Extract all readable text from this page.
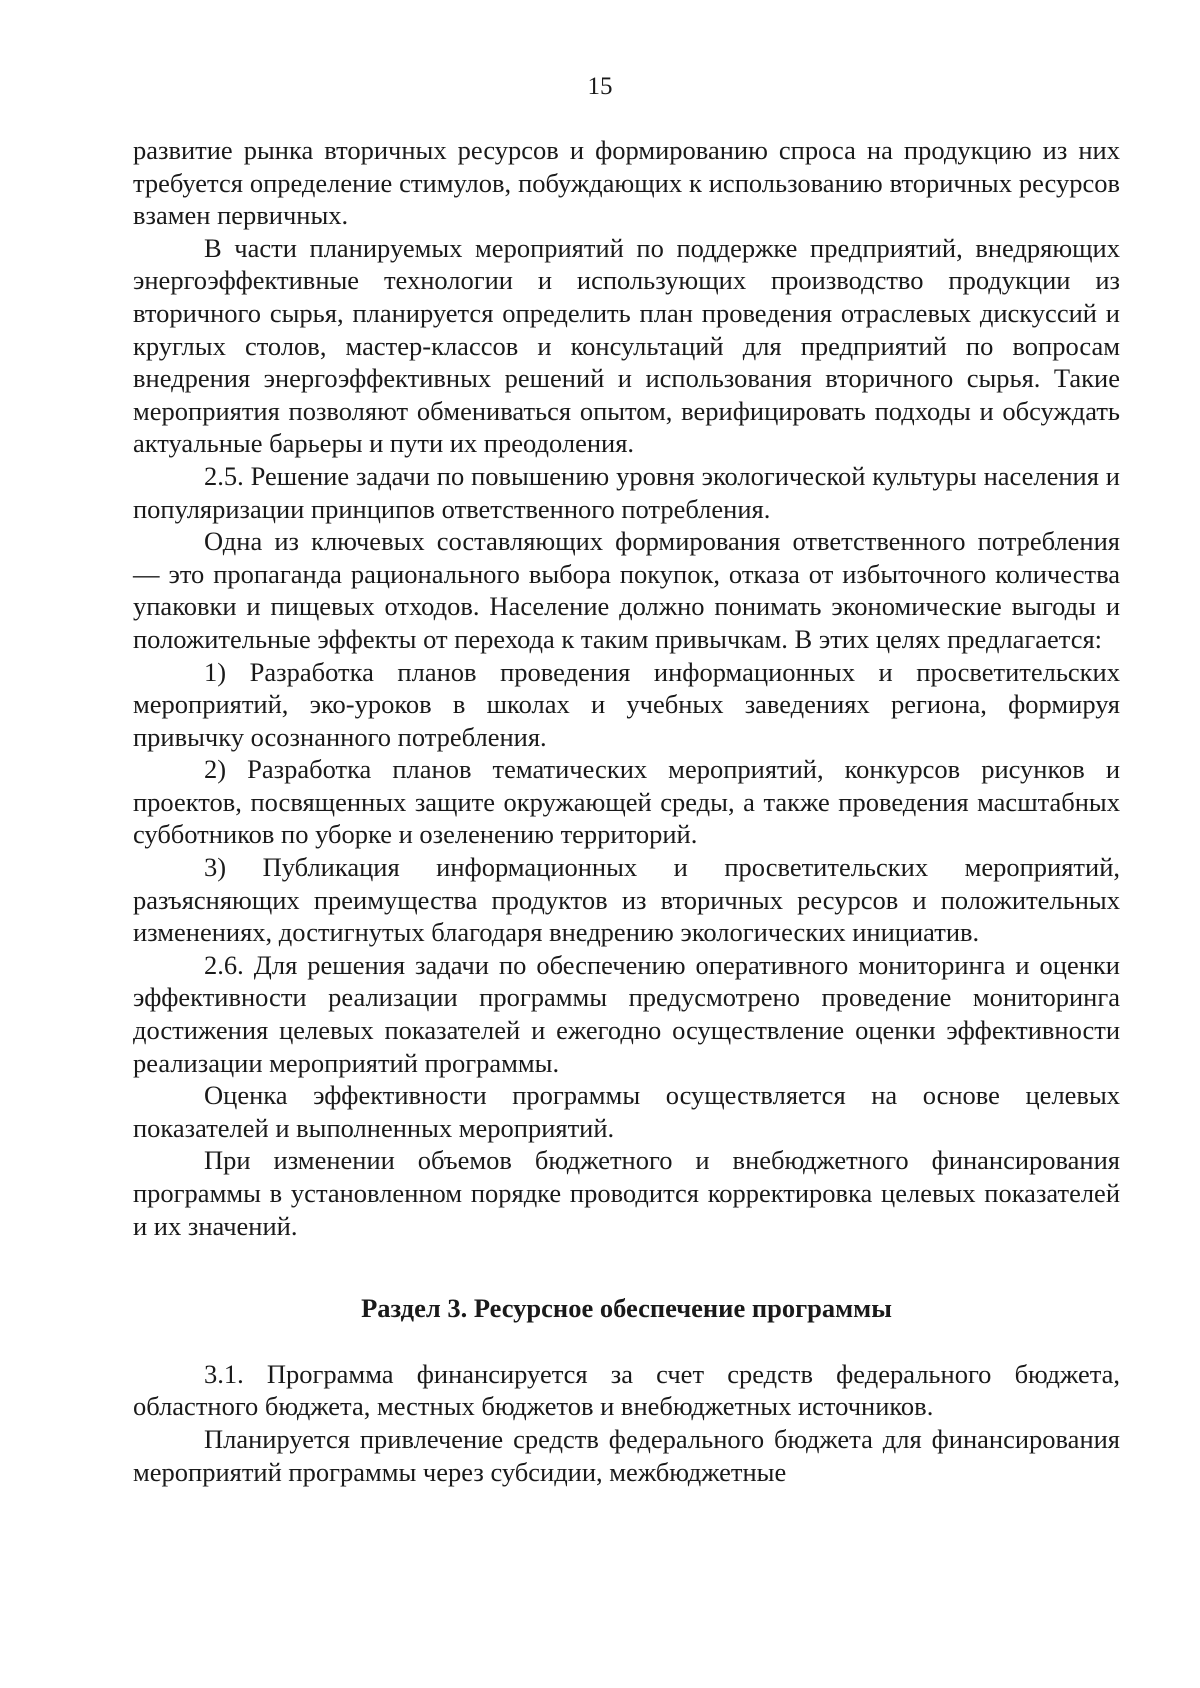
15

развитие рынка вторичных ресурсов и формированию спроса на продукцию из них требуется определение стимулов, побуждающих к использованию вторичных ресурсов взамен первичных.

В части планируемых мероприятий по поддержке предприятий, внедряющих энергоэффективные технологии и использующих производство продукции из вторичного сырья, планируется определить план проведения отраслевых дискуссий и круглых столов, мастер-классов и консультаций для предприятий по вопросам внедрения энергоэффективных решений и использования вторичного сырья. Такие мероприятия позволяют обмениваться опытом, верифицировать подходы и обсуждать актуальные барьеры и пути их преодоления.

2.5. Решение задачи по повышению уровня экологической культуры населения и популяризации принципов ответственного потребления.

Одна из ключевых составляющих формирования ответственного потребления — это пропаганда рационального выбора покупок, отказа от избыточного количества упаковки и пищевых отходов. Население должно понимать экономические выгоды и положительные эффекты от перехода к таким привычкам. В этих целях предлагается:

1) Разработка планов проведения информационных и просветительских мероприятий, эко-уроков в школах и учебных заведениях региона, формируя привычку осознанного потребления.

2) Разработка планов тематических мероприятий, конкурсов рисунков и проектов, посвященных защите окружающей среды, а также проведения масштабных субботников по уборке и озеленению территорий.

3) Публикация информационных и просветительских мероприятий, разъясняющих преимущества продуктов из вторичных ресурсов и положительных изменениях, достигнутых благодаря внедрению экологических инициатив.

2.6. Для решения задачи по обеспечению оперативного мониторинга и оценки эффективности реализации программы предусмотрено проведение мониторинга достижения целевых показателей и ежегодно осуществление оценки эффективности реализации мероприятий программы.

Оценка эффективности программы осуществляется на основе целевых показателей и выполненных мероприятий.

При изменении объемов бюджетного и внебюджетного финансирования программы в установленном порядке проводится корректировка целевых показателей и их значений.

Раздел 3. Ресурсное обеспечение программы

3.1. Программа финансируется за счет средств федерального бюджета, областного бюджета, местных бюджетов и внебюджетных источников.

Планируется привлечение средств федерального бюджета для финансирования мероприятий программы через субсидии, межбюджетные
